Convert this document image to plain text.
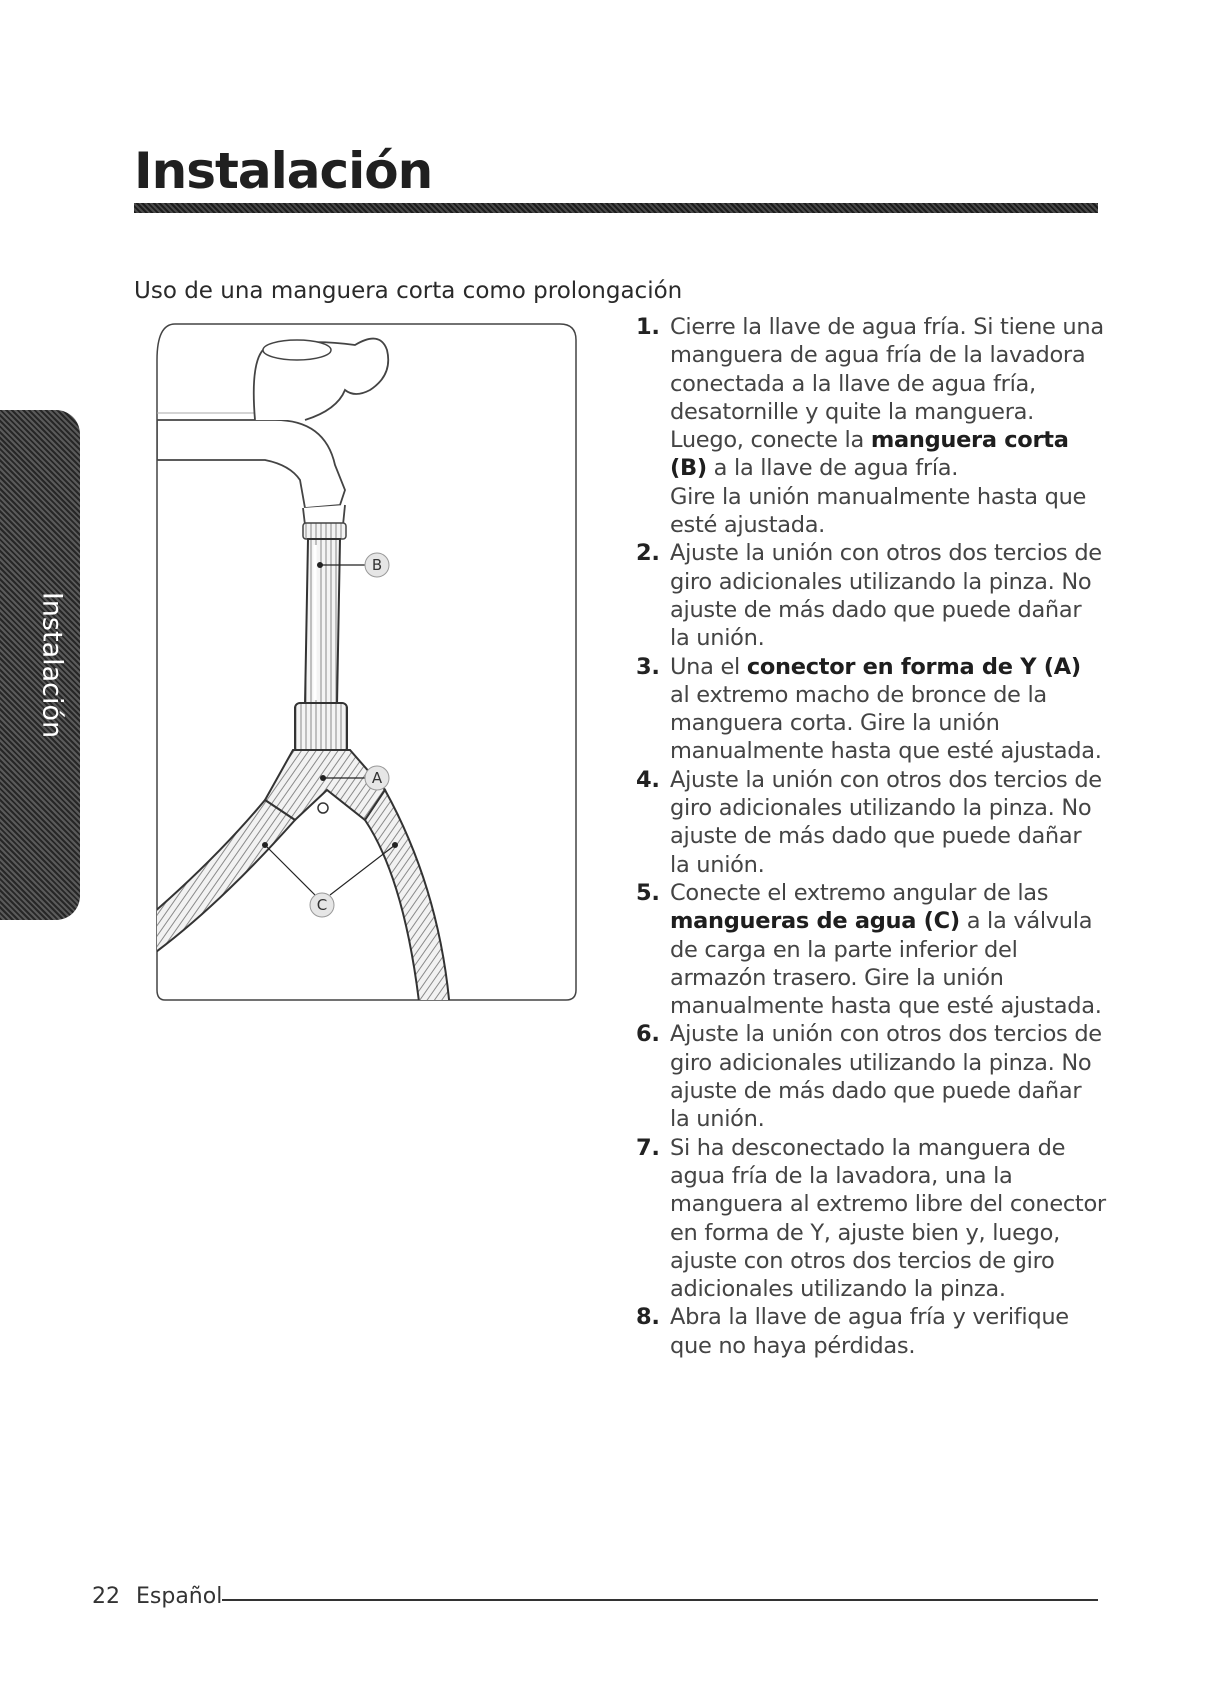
Instalación
Instalación
Uso de una manguera corta como prolongación
B
A
C
1. Cierre la llave de agua fría. Si tiene una manguera de agua fría de la lavadora conectada a la llave de agua fría, desatornille y quite la manguera. Luego, conecte la manguera corta (B) a la llave de agua fría.
Gire la unión manualmente hasta que esté ajustada.
2. Ajuste la unión con otros dos tercios de giro adicionales utilizando la pinza. No ajuste de más dado que puede dañar la unión.
3. Una el conector en forma de Y (A) al extremo macho de bronce de la manguera corta. Gire la unión manualmente hasta que esté ajustada.
4. Ajuste la unión con otros dos tercios de giro adicionales utilizando la pinza. No ajuste de más dado que puede dañar la unión.
5. Conecte el extremo angular de las mangueras de agua (C) a la válvula de carga en la parte inferior del armazón trasero. Gire la unión manualmente hasta que esté ajustada.
6. Ajuste la unión con otros dos tercios de giro adicionales utilizando la pinza. No ajuste de más dado que puede dañar la unión.
7. Si ha desconectado la manguera de agua fría de la lavadora, una la manguera al extremo libre del conector en forma de Y, ajuste bien y, luego, ajuste con otros dos tercios de giro adicionales utilizando la pinza.
8. Abra la llave de agua fría y verifique que no haya pérdidas.
22 Español
